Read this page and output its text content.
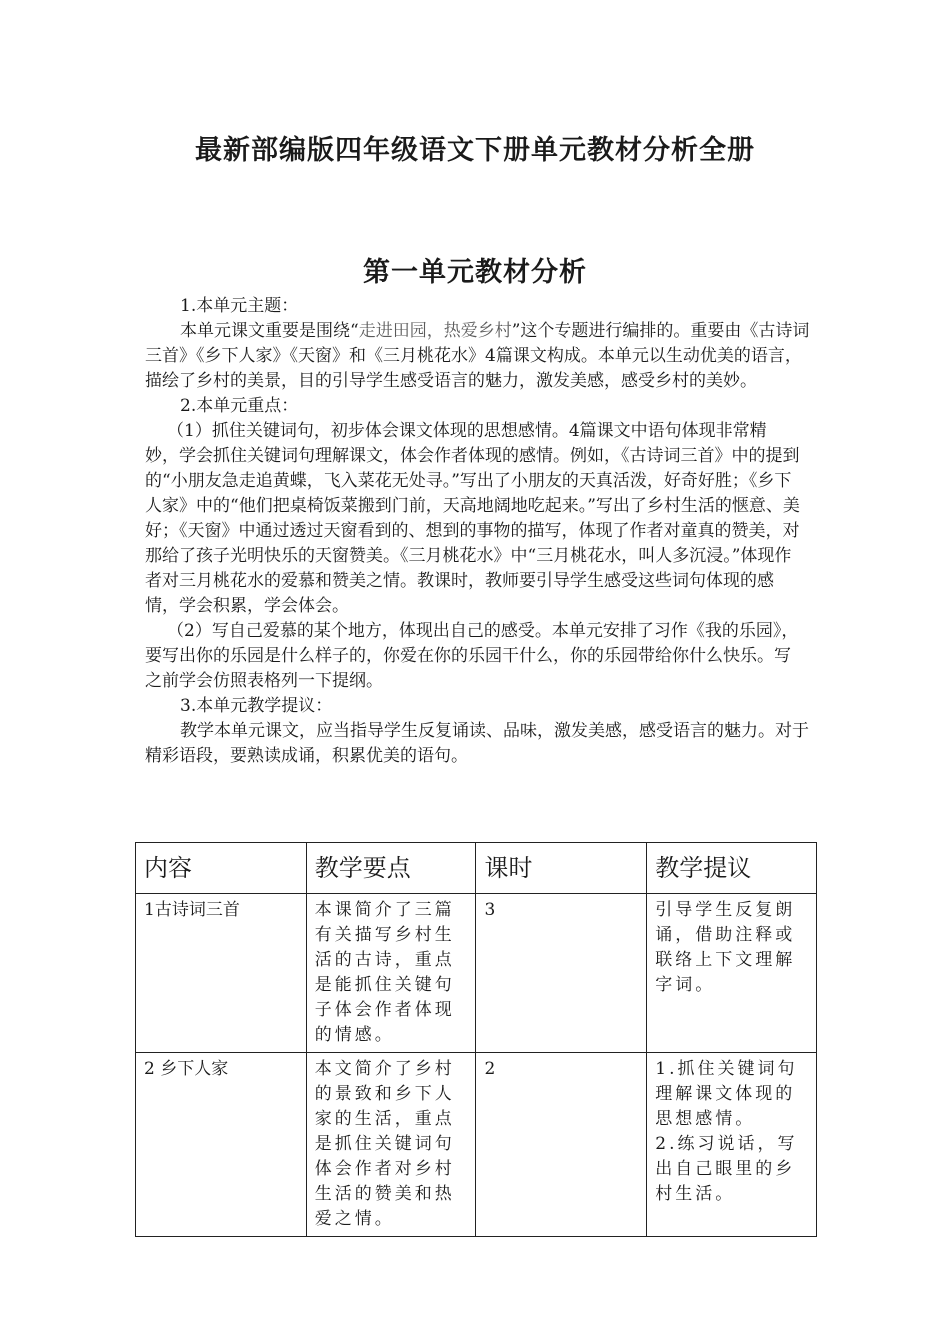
最新部编版四年级语文下册单元教材分析全册
第一单元教材分析

1.本单元主题：

本单元课文重要是围绕“走进田园，热爱乡村”这个专题进行编排的。重要由《古诗词三首》《乡下人家》《天窗》和《三月桃花水》4篇课文构成。本单元以生动优美的语言，描绘了乡村的美景，目的引导学生感受语言的魅力，激发美感，感受乡村的美妙。

2.本单元重点：

（1）抓住关键词句，初步体会课文体现的思想感情。4篇课文中语句体现非常精妙，学会抓住关键词句理解课文，体会作者体现的感情。例如，《古诗词三首》中的提到的“小朋友急走追黄蝶，飞入菜花无处寻。”写出了小朋友的天真活泼，好奇好胜；《乡下人家》中的“他们把桌椅饭菜搬到门前，天高地阔地吃起来。”写出了乡村生活的惬意、美好；《天窗》中通过透过天窗看到的、想到的事物的描写，体现了作者对童真的赞美，对那给了孩子光明快乐的天窗赞美。《三月桃花水》中“三月桃花水，叫人多沉浸。”体现作者对三月桃花水的爱慕和赞美之情。教课时，教师要引导学生感受这些词句体现的感情，学会积累，学会体会。

（2）写自己爱慕的某个地方，体现出自己的感受。本单元安排了习作《我的乐园》，要写出你的乐园是什么样子的，你爱在你的乐园干什么，你的乐园带给你什么快乐。写之前学会仿照表格列一下提纲。

3.本单元教学提议：

教学本单元课文，应当指导学生反复诵读、品味，激发美感，感受语言的魅力。对于精彩语段，要熟读成诵，积累优美的语句。

内容	教学要点	课时	教学提议
1古诗词三首	本课简介了三篇有关描写乡村生活的古诗，重点是能抓住关键句子体会作者体现的情感。	3	引导学生反复朗诵，借助注释或联络上下文理解字词。

2 乡下人家	本文简介了乡村的景致和乡下人家的生活，重点是抓住关键词句体会作者对乡村生活的赞美和热爱之情。	2	1.抓住关键词句理解课文体现的思想感情。
2.练习说话，写出自己眼里的乡村生活。
